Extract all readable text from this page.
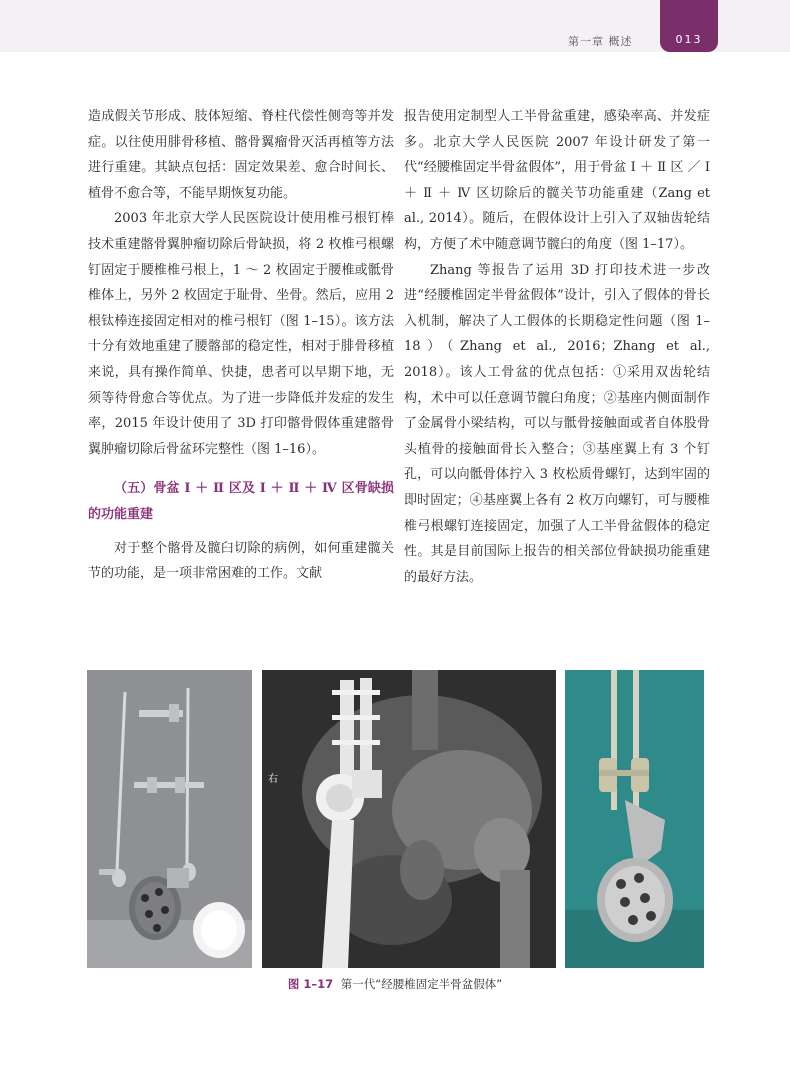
第一章 概述	013

造成假关节形成、肢体短缩、脊柱代偿性侧弯等并发症。以往使用腓骨移植、髂骨翼瘤骨灭活再植等方法进行重建。其缺点包括：固定效果差、愈合时间长、植骨不愈合等，不能早期恢复功能。

2003 年北京大学人民医院设计使用椎弓根钉棒技术重建髂骨翼肿瘤切除后骨缺损，将 2 枚椎弓根螺钉固定于腰椎椎弓根上，1 ～ 2 枚固定于腰椎或骶骨椎体上，另外 2 枚固定于耻骨、坐骨。然后，应用 2 根钛棒连接固定相对的椎弓根钉（图 1–15）。该方法十分有效地重建了腰髂部的稳定性，相对于腓骨移植来说，具有操作简单、快捷，患者可以早期下地，无须等待骨愈合等优点。为了进一步降低并发症的发生率，2015 年设计使用了 3D 打印髂骨假体重建髂骨翼肿瘤切除后骨盆环完整性（图 1–16）。

（五）骨盆 Ⅰ ＋ Ⅱ 区及 Ⅰ ＋ Ⅱ ＋ Ⅳ 区骨缺损的功能重建

对于整个髂骨及髋臼切除的病例，如何重建髋关节的功能，是一项非常困难的工作。文献

报告使用定制型人工半骨盆重建，感染率高、并发症多。北京大学人民医院 2007 年设计研发了第一代“经腰椎固定半骨盆假体”，用于骨盆 Ⅰ ＋ Ⅱ 区 ／ Ⅰ ＋ Ⅱ ＋ Ⅳ 区切除后的髋关节功能重建（Zang et al., 2014）。随后，在假体设计上引入了双轴齿轮结构，方便了术中随意调节髋臼的角度（图 1–17）。

Zhang 等报告了运用 3D 打印技术进一步改进“经腰椎固定半骨盆假体”设计，引入了假体的骨长入机制，解决了人工假体的长期稳定性问题（图 1–18）（Zhang et al., 2016；Zhang et al., 2018）。该人工骨盆的优点包括：①采用双齿轮结构，术中可以任意调节髋臼角度；②基座内侧面制作了金属骨小梁结构，可以与骶骨接触面或者自体股骨头植骨的接触面骨长入整合；③基座翼上有 3 个钉孔，可以向骶骨体拧入 3 枚松质骨螺钉，达到牢固的即时固定；④基座翼上各有 2 枚万向螺钉，可与腰椎椎弓根螺钉连接固定，加强了人工半骨盆假体的稳定性。其是目前国际上报告的相关部位骨缺损功能重建的最好方法。

右
图 1–17 第一代“经腰椎固定半骨盆假体”
